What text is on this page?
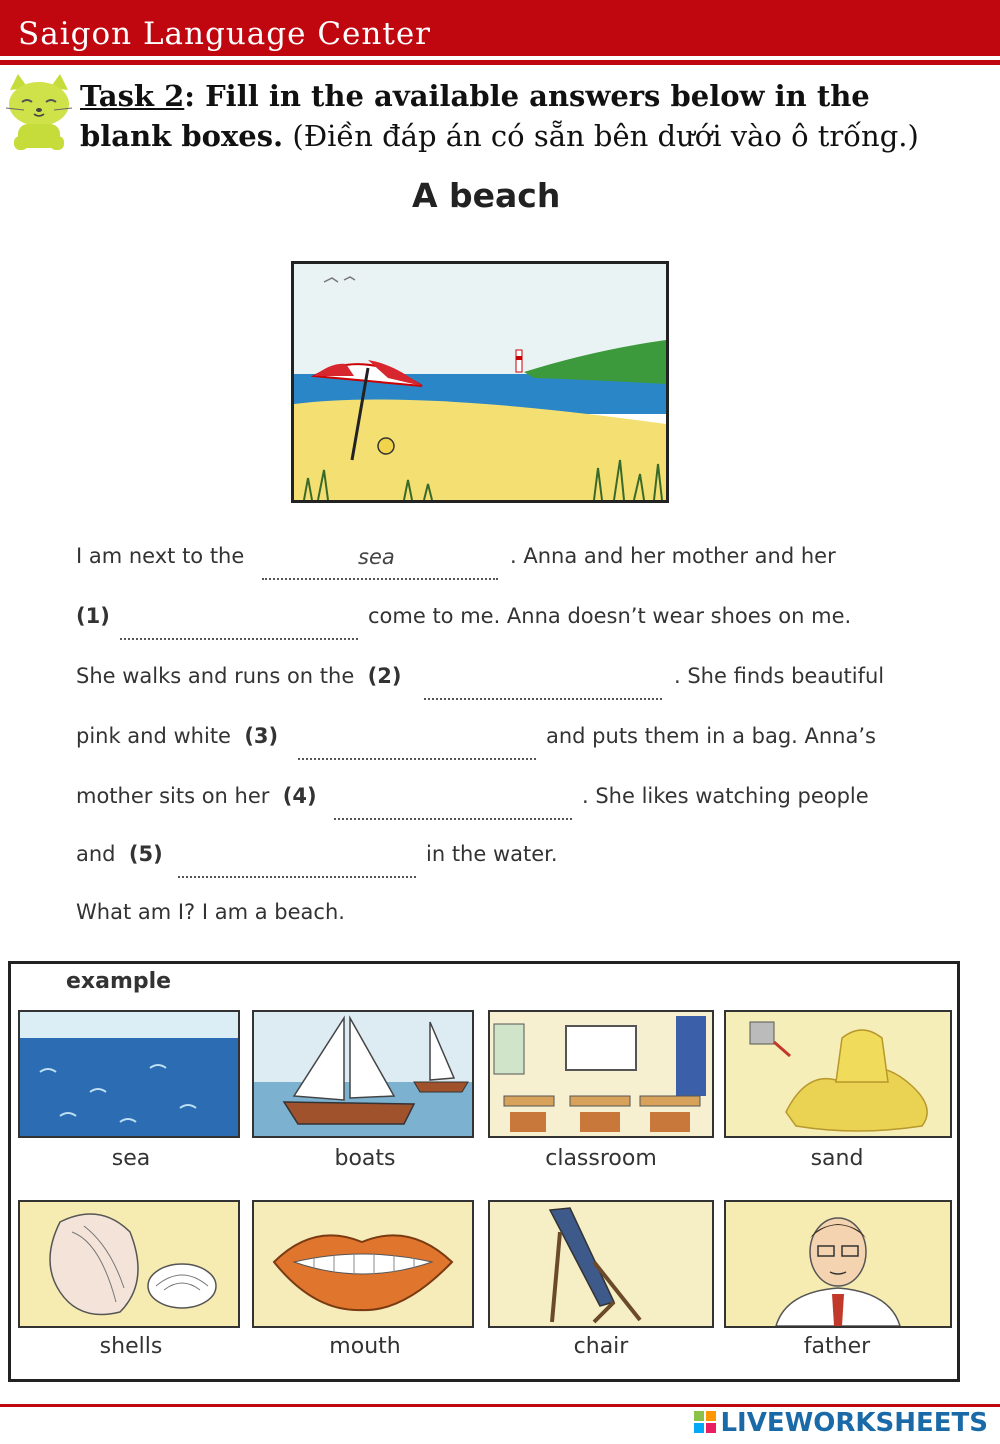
Saigon Language Center
Task 2: Fill in the available answers below in the
blank boxes. (Điền đáp án có sẵn bên dưới vào ô trống.)
A beach
I am next to the	sea	. Anna and her mother and her
(1)	come to me. Anna doesn’t wear shoes on me.
She walks and runs on the (2)	. She finds beautiful
pink and white (3)	and puts them in a bag. Anna’s
mother sits on her (4)	. She likes watching people
and (5)	in the water.
What am I? I am a beach.
example
sea	boats	classroom	sand
shells	mouth	chair	father
LIVEWORKSHEETS
